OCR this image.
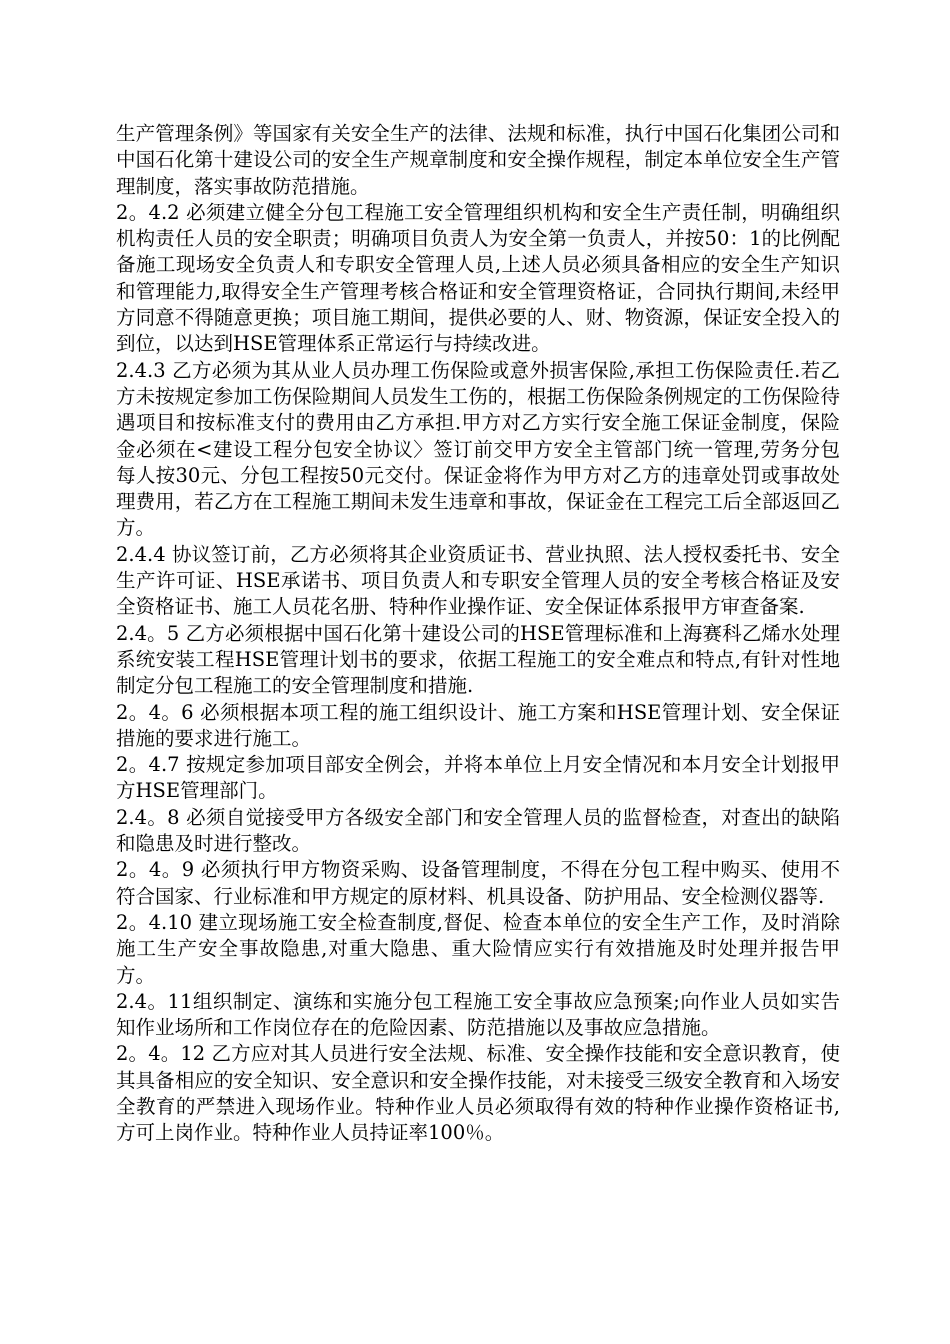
生产管理条例》等国家有关安全生产的法律、法规和标准，执行中国石化集团公司和中国石化第十建设公司的安全生产规章制度和安全操作规程，制定本单位安全生产管理制度，落实事故防范措施。

2。4.2 必须建立健全分包工程施工安全管理组织机构和安全生产责任制，明确组织机构责任人员的安全职责；明确项目负责人为安全第一负责人，并按50：1的比例配备施工现场安全负责人和专职安全管理人员,上述人员必须具备相应的安全生产知识和管理能力,取得安全生产管理考核合格证和安全管理资格证，合同执行期间,未经甲方同意不得随意更换；项目施工期间，提供必要的人、财、物资源，保证安全投入的到位，以达到HSE管理体系正常运行与持续改进。

2.4.3 乙方必须为其从业人员办理工伤保险或意外损害保险,承担工伤保险责任.若乙方未按规定参加工伤保险期间人员发生工伤的，根据工伤保险条例规定的工伤保险待遇项目和按标准支付的费用由乙方承担.甲方对乙方实行安全施工保证金制度，保险金必须在<建设工程分包安全协议〉签订前交甲方安全主管部门统一管理,劳务分包每人按30元、分包工程按50元交付。保证金将作为甲方对乙方的违章处罚或事故处理费用，若乙方在工程施工期间未发生违章和事故，保证金在工程完工后全部返回乙方。

2.4.4 协议签订前，乙方必须将其企业资质证书、营业执照、法人授权委托书、安全生产许可证、HSE承诺书、项目负责人和专职安全管理人员的安全考核合格证及安全资格证书、施工人员花名册、特种作业操作证、安全保证体系报甲方审查备案.

2.4。5 乙方必须根据中国石化第十建设公司的HSE管理标准和上海赛科乙烯水处理系统安装工程HSE管理计划书的要求，依据工程施工的安全难点和特点,有针对性地制定分包工程施工的安全管理制度和措施.

2。4。6 必须根据本项工程的施工组织设计、施工方案和HSE管理计划、安全保证措施的要求进行施工。

2。4.7 按规定参加项目部安全例会，并将本单位上月安全情况和本月安全计划报甲方HSE管理部门。

2.4。8 必须自觉接受甲方各级安全部门和安全管理人员的监督检查，对查出的缺陷和隐患及时进行整改。

2。4。9 必须执行甲方物资采购、设备管理制度，不得在分包工程中购买、使用不符合国家、行业标准和甲方规定的原材料、机具设备、防护用品、安全检测仪器等.

2。4.10 建立现场施工安全检查制度,督促、检查本单位的安全生产工作，及时消除施工生产安全事故隐患,对重大隐患、重大险情应实行有效措施及时处理并报告甲方。

2.4。11组织制定、演练和实施分包工程施工安全事故应急预案;向作业人员如实告知作业场所和工作岗位存在的危险因素、防范措施以及事故应急措施。

2。4。12 乙方应对其人员进行安全法规、标准、安全操作技能和安全意识教育，使其具备相应的安全知识、安全意识和安全操作技能，对未接受三级安全教育和入场安全教育的严禁进入现场作业。特种作业人员必须取得有效的特种作业操作资格证书,方可上岗作业。特种作业人员持证率100％。
